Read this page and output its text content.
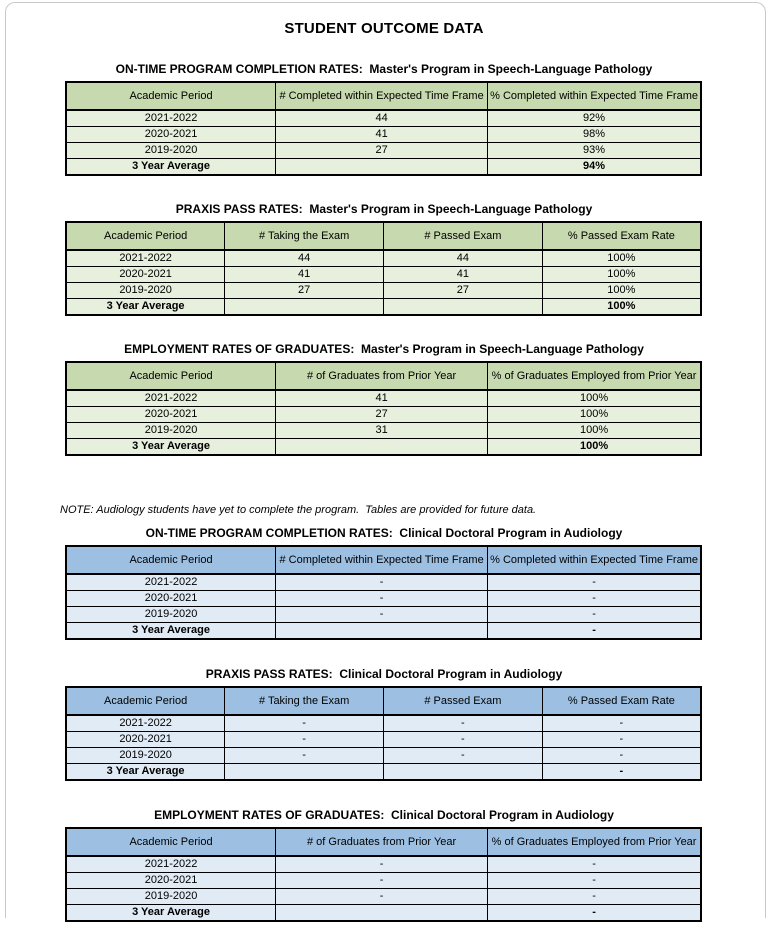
STUDENT OUTCOME DATA
ON-TIME PROGRAM COMPLETION RATES:  Master's Program in Speech-Language Pathology
Academic Period	# Completed within Expected Time Frame	% Completed within Expected Time Frame
2021-2022	44	92%
2020-2021	41	98%
2019-2020	27	93%
3 Year Average		94%
PRAXIS PASS RATES:  Master's Program in Speech-Language Pathology
Academic Period	# Taking the Exam	# Passed Exam	% Passed Exam Rate
2021-2022	44	44	100%
2020-2021	41	41	100%
2019-2020	27	27	100%
3 Year Average			100%
EMPLOYMENT RATES OF GRADUATES:  Master's Program in Speech-Language Pathology
Academic Period	# of Graduates from Prior Year	% of Graduates Employed from Prior Year
2021-2022	41	100%
2020-2021	27	100%
2019-2020	31	100%
3 Year Average		100%
NOTE: Audiology students have yet to complete the program.  Tables are provided for future data.
ON-TIME PROGRAM COMPLETION RATES:  Clinical Doctoral Program in Audiology
Academic Period	# Completed within Expected Time Frame	% Completed within Expected Time Frame
2021-2022	-	-
2020-2021	-	-
2019-2020	-	-
3 Year Average		-
PRAXIS PASS RATES:  Clinical Doctoral Program in Audiology
Academic Period	# Taking the Exam	# Passed Exam	% Passed Exam Rate
2021-2022	-	-	-
2020-2021	-	-	-
2019-2020	-	-	-
3 Year Average			-
EMPLOYMENT RATES OF GRADUATES:  Clinical Doctoral Program in Audiology
Academic Period	# of Graduates from Prior Year	% of Graduates Employed from Prior Year
2021-2022	-	-
2020-2021	-	-
2019-2020	-	-
3 Year Average		-
